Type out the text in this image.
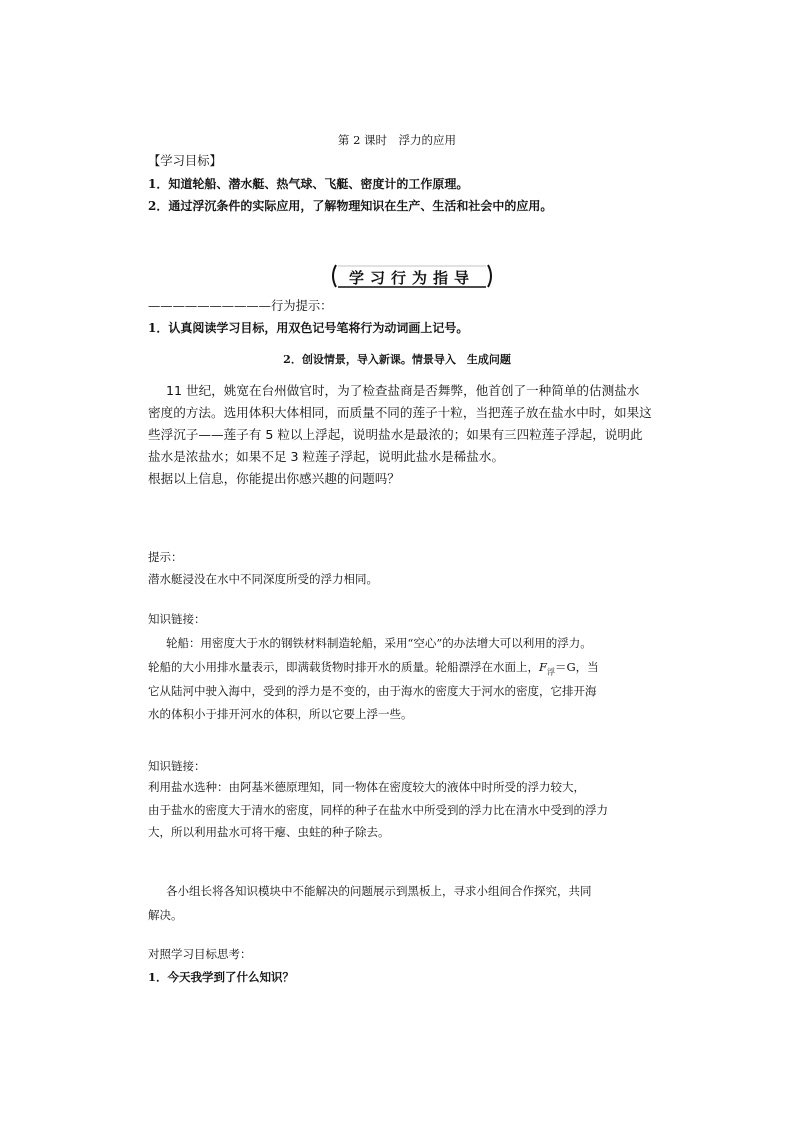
第 2 课时　浮力的应用
【学习目标】
1．知道轮船、潜水艇、热气球、飞艇、密度计的工作原理。
2．通过浮沉条件的实际应用，了解物理知识在生产、生活和社会中的应用。
学习行为指导
——————————行为提示：
1．认真阅读学习目标，用双色记号笔将行为动词画上记号。
2．创设情景，导入新课。情景导入　生成问题
11 世纪，姚宽在台州做官时，为了检查盐商是否舞弊，他首创了一种简单的估测盐水
密度的方法。选用体积大体相同，而质量不同的莲子十粒，当把莲子放在盐水中时，如果这
些浮沉子——莲子有 5 粒以上浮起，说明盐水是最浓的；如果有三四粒莲子浮起，说明此
盐水是浓盐水；如果不足 3 粒莲子浮起，说明此盐水是稀盐水。
根据以上信息，你能提出你感兴趣的问题吗？
提示：
潜水艇浸没在水中不同深度所受的浮力相同。
知识链接：
轮船：用密度大于水的钢铁材料制造轮船，采用“空心”的办法增大可以利用的浮力。
轮船的大小用排水量表示，即满载货物时排开水的质量。轮船漂浮在水面上，$F_浮=G$，当
它从陆河中驶入海中，受到的浮力是不变的，由于海水的密度大于河水的密度，它排开海
水的体积小于排开河水的体积，所以它要上浮一些。
知识链接：
利用盐水选种：由阿基米德原理知，同一物体在密度较大的液体中时所受的浮力较大，
由于盐水的密度大于清水的密度，同样的种子在盐水中所受到的浮力比在清水中受到的浮力
大，所以利用盐水可将干瘪、虫蛀的种子除去。
各小组长将各知识模块中不能解决的问题展示到黑板上，寻求小组间合作探究，共同
解决。
对照学习目标思考：
1．今天我学到了什么知识？
